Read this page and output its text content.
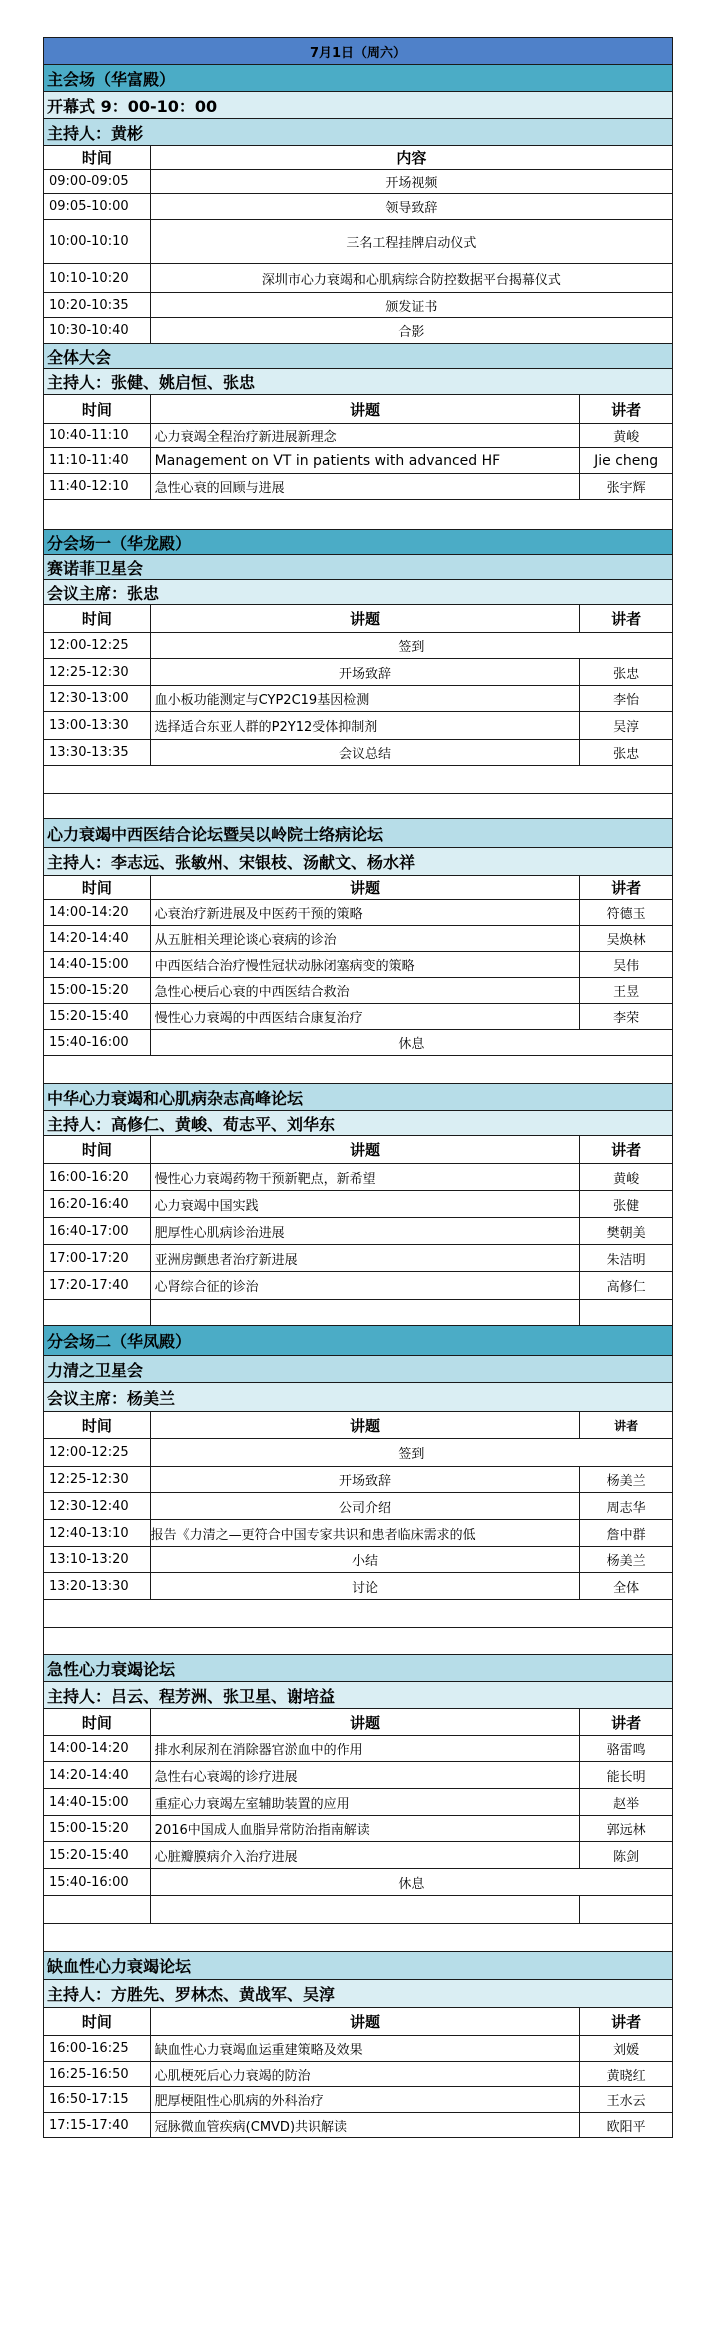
7月1日（周六）
主会场（华富殿）
开幕式 9：00-10：00
主持人：黄彬
时间	内容
09:00-09:05	开场视频
09:05-10:00	领导致辞
10:00-10:10	三名工程挂牌启动仪式
10:10-10:20	深圳市心力衰竭和心肌病综合防控数据平台揭幕仪式
10:20-10:35	颁发证书
10:30-10:40	合影
全体大会
主持人：张健、姚启恒、张忠
时间	讲题	讲者
10:40-11:10	心力衰竭全程治疗新进展新理念	黄峻
11:10-11:40	Management on VT in patients with advanced HF	Jie cheng
11:40-12:10	急性心衰的回顾与进展	张宇辉
分会场一（华龙殿）
赛诺菲卫星会
会议主席：张忠
时间	讲题	讲者
12:00-12:25	签到
12:25-12:30	开场致辞	张忠
12:30-13:00	血小板功能测定与CYP2C19基因检测	李怡
13:00-13:30	选择适合东亚人群的P2Y12受体抑制剂	吴淳
13:30-13:35	会议总结	张忠
心力衰竭中西医结合论坛暨吴以岭院士络病论坛
主持人：李志远、张敏州、宋银枝、汤献文、杨水祥
时间	讲题	讲者
14:00-14:20	心衰治疗新进展及中医药干预的策略	符德玉
14:20-14:40	从五脏相关理论谈心衰病的诊治	吴焕林
14:40-15:00	中西医结合治疗慢性冠状动脉闭塞病变的策略	吴伟
15:00-15:20	急性心梗后心衰的中西医结合救治	王昱
15:20-15:40	慢性心力衰竭的中西医结合康复治疗	李荣
15:40-16:00	休息
中华心力衰竭和心肌病杂志高峰论坛
主持人：高修仁、黄峻、荀志平、刘华东
时间	讲题	讲者
16:00-16:20	慢性心力衰竭药物干预新靶点，新希望	黄峻
16:20-16:40	心力衰竭中国实践	张健
16:40-17:00	肥厚性心肌病诊治进展	樊朝美
17:00-17:20	亚洲房颤患者治疗新进展	朱洁明
17:20-17:40	心肾综合征的诊治	高修仁
分会场二（华凤殿）
力清之卫星会
会议主席：杨美兰
时间	讲题	讲者
12:00-12:25	签到
12:25-12:30	开场致辞	杨美兰
12:30-12:40	公司介绍	周志华
12:40-13:10	报告《力清之—更符合中国专家共识和患者临床需求的低	詹中群
13:10-13:20	小结	杨美兰
13:20-13:30	讨论	全体
急性心力衰竭论坛
主持人：吕云、程芳洲、张卫星、谢培益
时间	讲题	讲者
14:00-14:20	排水利尿剂在消除器官淤血中的作用	骆雷鸣
14:20-14:40	急性右心衰竭的诊疗进展	能长明
14:40-15:00	重症心力衰竭左室辅助装置的应用	赵举
15:00-15:20	2016中国成人血脂异常防治指南解读	郭远林
15:20-15:40	心脏瓣膜病介入治疗进展	陈剑
15:40-16:00	休息
缺血性心力衰竭论坛
主持人：方胜先、罗林杰、黄战军、吴淳
时间	讲题	讲者
16:00-16:25	缺血性心力衰竭血运重建策略及效果	刘媛
16:25-16:50	心肌梗死后心力衰竭的防治	黄晓红
16:50-17:15	肥厚梗阻性心肌病的外科治疗	王水云
17:15-17:40	冠脉微血管疾病(CMVD)共识解读	欧阳平
